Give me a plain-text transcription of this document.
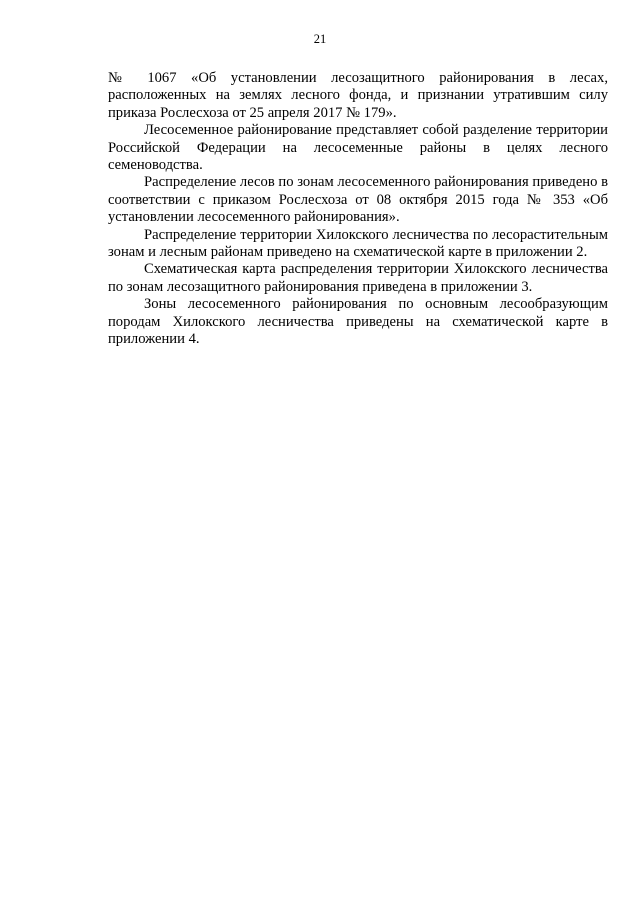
21

№ 1067 «Об установлении лесозащитного районирования в лесах, расположенных на землях лесного фонда, и признании утратившим силу приказа Рослесхоза от 25 апреля 2017 № 179».

Лесосеменное районирование представляет собой разделение территории Российской Федерации на лесосеменные районы в целях лесного семеноводства.

Распределение лесов по зонам лесосеменного районирования приведено в соответствии с приказом Рослесхоза от 08 октября 2015 года № 353 «Об установлении лесосеменного районирования».

Распределение территории Хилокского лесничества по лесорастительным зонам и лесным районам приведено на схематической карте в приложении 2.

Схематическая карта распределения территории Хилокского лесничества по зонам лесозащитного районирования приведена в приложении 3.

Зоны лесосеменного районирования по основным лесообразующим породам Хилокского лесничества приведены на схематической карте в приложении 4.
